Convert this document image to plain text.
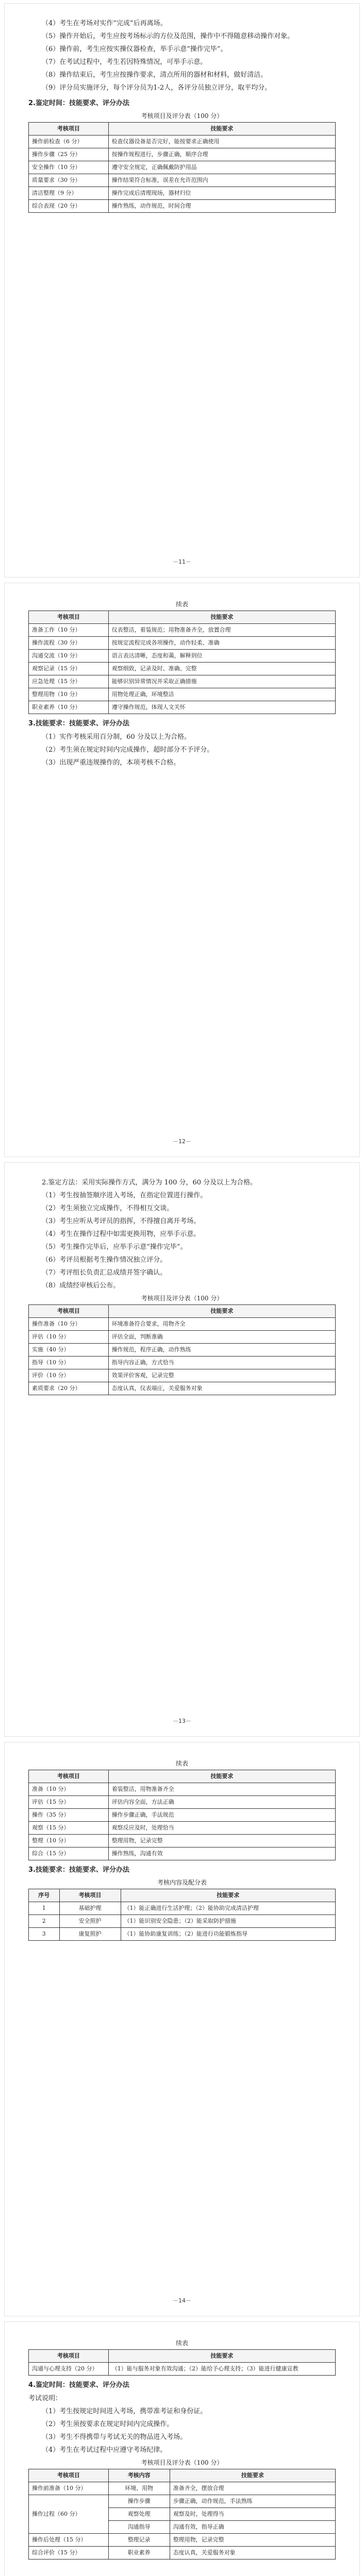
（4）考生在考场对实作“完成”后再离场。

（5）操作开始后，考生应按考场标示的方位及范围，操作中不得随意移动操作对象。

（6）操作前，考生应按实操仪器检查，举手示意“操作完毕”。

（7）在考试过程中，考生若因特殊情况，可举手示意。

（8）操作结束后，考生应按操作要求，清点所用的器材和材料，做好清洁。

（9）评分员实施评分，每个评分员为1-2人，各评分员独立评分，取平均分。

2.鉴定时间：技能要求、评分办法
考核项目及评分表（100 分）
考核项目	技能要求
操作前检查（6 分）	检查仪器设备是否完好，能按要求正确使用
操作步骤（25 分）	按操作规程进行，步骤正确，顺序合理
安全操作（10 分）	遵守安全规定，正确佩戴防护用品
质量要求（30 分）	操作结果符合标准，误差在允许范围内
清洁整理（9 分）	操作完成后清理现场，器材归位
综合表现（20 分）	操作熟练，动作规范，时间合理
－11－
续表
考核项目	技能要求
准备工作（10 分）	仪表整洁，着装规范；用物准备齐全，放置合理
操作流程（30 分）	按规定流程完成各项操作，动作轻柔、准确
沟通交流（10 分）	语言表达清晰，态度和蔼，解释到位
观察记录（15 分）	观察细致，记录及时、准确、完整
应急处理（15 分）	能够识别异常情况并采取正确措施
整理用物（10 分）	用物处理正确，环境整洁
职业素养（10 分）	遵守操作规范，体现人文关怀
3.技能要求：技能要求、评分办法

（1）实作考核采用百分制，60 分及以上为合格。

（2）考生须在规定时间内完成操作，超时部分不予评分。

（3）出现严重违规操作的，本项考核不合格。

－12－

2.鉴定方法：采用实际操作方式，满分为 100 分，60 分及以上为合格。

（1）考生按抽签顺序进入考场，在指定位置进行操作。

（2）考生须独立完成操作，不得相互交谈。

（3）考生应听从考评员的指挥，不得擅自离开考场。

（4）考生在操作过程中如需更换用物，应举手示意。

（5）考生操作完毕后，应举手示意“操作完毕”。

（6）考评员根据考生操作情况独立评分。

（7）考评组长负责汇总成绩并签字确认。

（8）成绩经审核后公布。

考核项目及评分表（100 分）
考核项目	技能要求
操作准备（10 分）	环境准备符合要求，用物齐全
评估（10 分）	评估全面，判断准确
实施（40 分）	操作规范，程序正确，动作熟练
指导（10 分）	指导内容正确，方式恰当
评价（10 分）	效果评价客观，记录完整
素质要求（20 分）	态度认真，仪表端庄，关爱服务对象
－13－
续表
考核项目	技能要求
准备（10 分）	着装整洁，用物准备齐全
评估（15 分）	评估内容全面，方法正确
操作（35 分）	操作步骤正确，手法规范
观察（15 分）	观察反应及时，处理恰当
整理（10 分）	整理用物，记录完整
综合（15 分）	操作熟练，沟通有效
3.技能要求：技能要求、评分办法
考核内容及配分表
序号	考核项目	技能要求
1	基础护理	（1）能正确进行生活护理；（2）能协助完成清洁护理
2	安全照护	（1）能识别安全隐患；（2）能采取防护措施
3	康复照护	（1）能协助康复训练；（2）能进行功能锻炼指导
－14－
续表
考核项目	技能要求
沟通与心理支持（20 分）	（1）能与服务对象有效沟通；（2）能给予心理支持；（3）能进行健康宣教
4.鉴定时间：技能要求、评分办法

考试说明：

（1）考生按规定时间进入考场，携带准考证和身份证。

（2）考生须按要求在规定时间内完成操作。

（3）考生不得携带与考试无关的物品进入考场。

（4）考生在考试过程中应遵守考场纪律。

考核项目及评分表（100 分）
考核项目	考核内容	技能要求
操作前准备（10 分）	环境、用物	准备齐全，摆放合理
操作过程（60 分）	操作步骤	步骤正确，动作规范，手法熟练
	观察处理	观察及时，处理得当
	沟通指导	沟通有效，指导正确
操作后处理（15 分）	整理记录	整理用物，记录完整
综合评价（15 分）	职业素养	态度认真，关爱服务对象
